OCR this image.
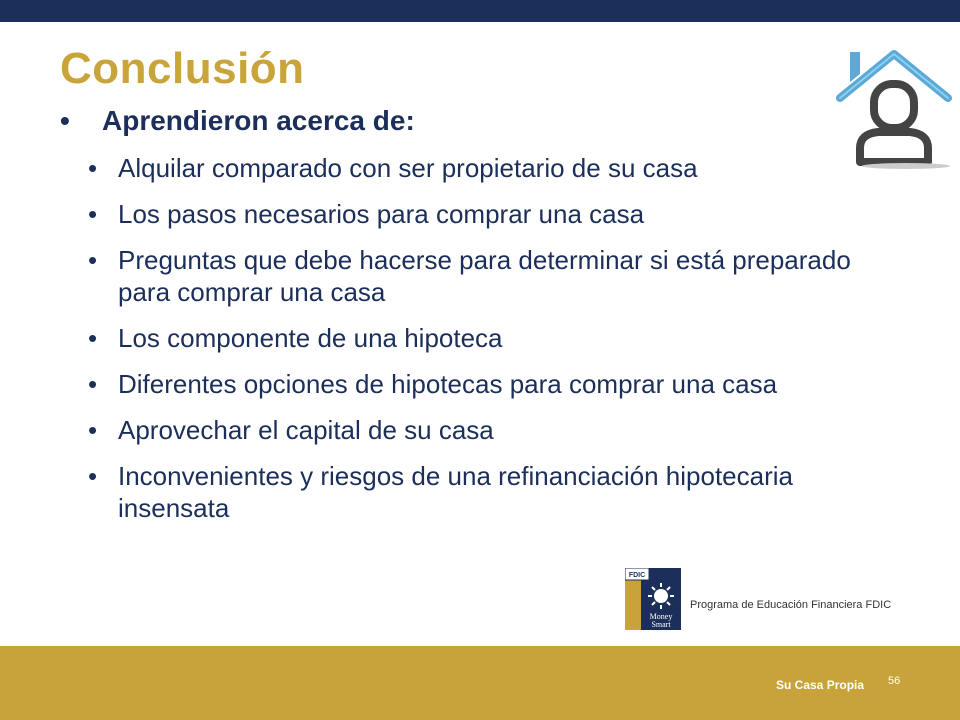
Conclusión
• Aprendieron acerca de:
• Alquilar comparado con ser propietario de su casa
• Los pasos necesarios para comprar una casa
• Preguntas que debe hacerse para determinar si está preparado para comprar una casa
• Los componente de una hipoteca
• Diferentes opciones de hipotecas para comprar una casa
• Aprovechar el capital de su casa
• Inconvenientes y riesgos de una refinanciación hipotecaria insensata
FDIC
Money
Smart
Programa de Educación Financiera FDIC
Su Casa Propia 56
